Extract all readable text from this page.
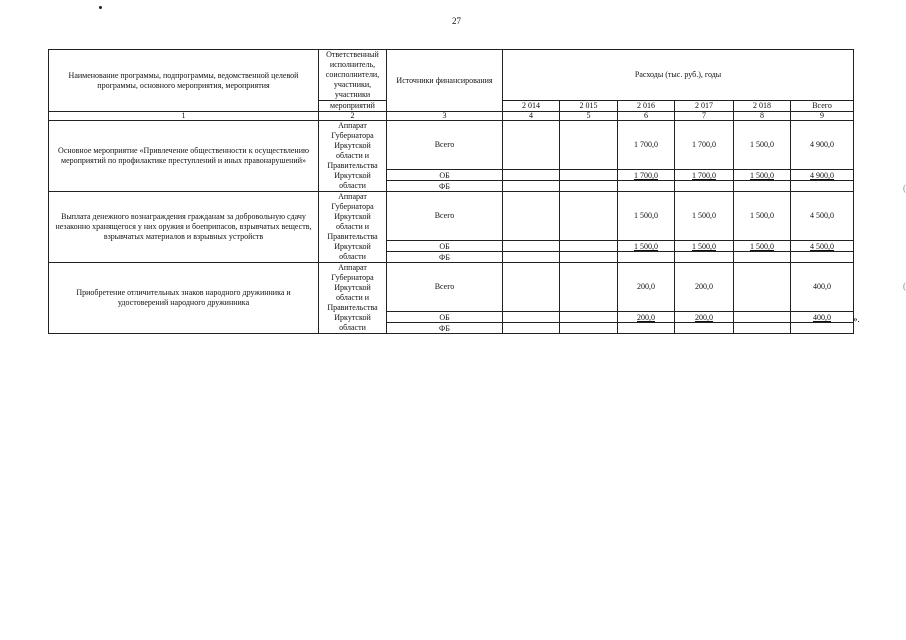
27
(
(
Наименование программы, подпрограммы, ведомственной целевой программы, основного мероприятия, мероприятия	Ответственный исполнитель, соисполнители, участники, участники	Источники финансирования	Расходы (тыс. руб.), годы					
	мероприятий		2 014	2 015	2 016	2 017	2 018	Всего
1	2	3	4	5	6	7	8	9
Основное мероприятие «Привлечение общественности к осуществлению мероприятий по профилактике преступлений и иных правонарушений»	Аппарат Губернатора Иркутской области и Правительства Иркутской области	Всего			1 700,0	1 700,0	1 500,0	4 900,0
		ОБ			1 700,0	1 700,0	1 500,0	4 900,0
		ФБ						
Выплата денежного вознаграждения гражданам за добровольную сдачу незаконно хранящегося у них оружия и боеприпасов, взрывчатых веществ, взрывчатых материалов и взрывных устройств	Аппарат Губернатора Иркутской области и Правительства Иркутской области	Всего			1 500,0	1 500,0	1 500,0	4 500,0
		ОБ			1 500,0	1 500,0	1 500,0	4 500,0
		ФБ						
Приобретение отличительных знаков народного дружинника и удостоверений народного дружинника	Аппарат Губернатора Иркутской области и Правительства Иркутской области	Всего			200,0	200,0		400,0
		ОБ			200,0	200,0		400,0
		ФБ						
».
